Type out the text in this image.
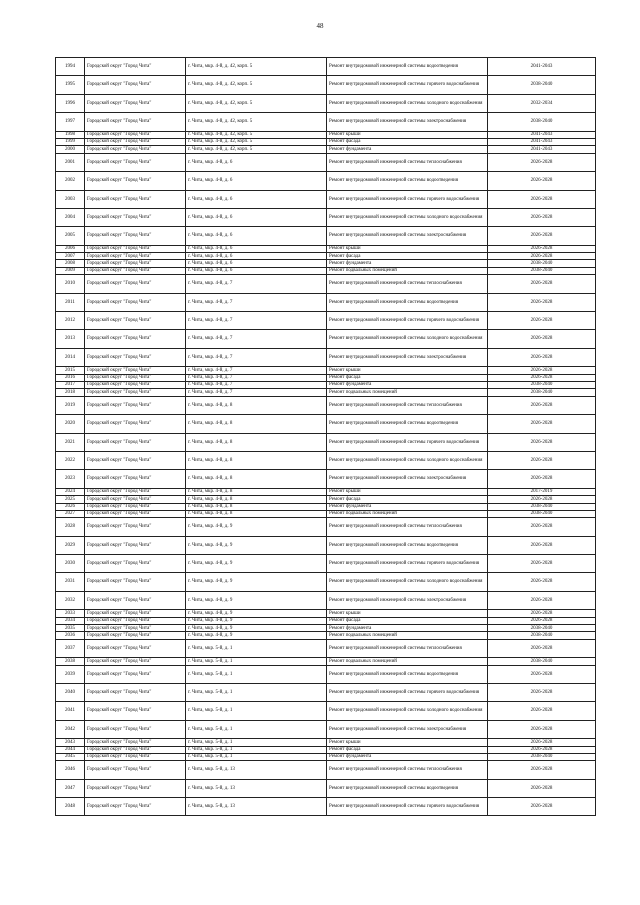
48
1994	Городской округ "Город Чита"	г. Чита, мкр. 4-й, д. 42, корп. 5	Ремонт внутридомовой инженерной системы водоотведения	2041-2043
1995	Городской округ "Город Чита"	г. Чита, мкр. 4-й, д. 42, корп. 5	Ремонт внутридомовой инженерной системы горячего водоснабжения	2038-2040
1996	Городской округ "Город Чита"	г. Чита, мкр. 4-й, д. 42, корп. 5	Ремонт внутридомовой инженерной системы холодного водоснабжения	2032-2034
1997	Городской округ "Город Чита"	г. Чита, мкр. 4-й, д. 42, корп. 5	Ремонт внутридомовой инженерной системы электроснабжения	2038-2040
1998	Городской округ "Город Чита"	г. Чита, мкр. 4-й, д. 42, корп. 5	Ремонт крыши	2041-2043
1999	Городской округ "Город Чита"	г. Чита, мкр. 4-й, д. 42, корп. 5	Ремонт фасада	2041-2043
2000	Городской округ "Город Чита"	г. Чита, мкр. 4-й, д. 42, корп. 5	Ремонт фундамента	2041-2043
2001	Городской округ "Город Чита"	г. Чита, мкр. 4-й, д. 6	Ремонт внутридомовой инженерной системы теплоснабжения	2026-2028
2002	Городской округ "Город Чита"	г. Чита, мкр. 4-й, д. 6	Ремонт внутридомовой инженерной системы водоотведения	2026-2028
2003	Городской округ "Город Чита"	г. Чита, мкр. 4-й, д. 6	Ремонт внутридомовой инженерной системы горячего водоснабжения	2026-2028
2004	Городской округ "Город Чита"	г. Чита, мкр. 4-й, д. 6	Ремонт внутридомовой инженерной системы холодного водоснабжения	2026-2028
2005	Городской округ "Город Чита"	г. Чита, мкр. 4-й, д. 6	Ремонт внутридомовой инженерной системы электроснабжения	2026-2028
2006	Городской округ "Город Чита"	г. Чита, мкр. 4-й, д. 6	Ремонт крыши	2026-2028
2007	Городской округ "Город Чита"	г. Чита, мкр. 4-й, д. 6	Ремонт фасада	2026-2028
2008	Городской округ "Город Чита"	г. Чита, мкр. 4-й, д. 6	Ремонт фундамента	2038-2040
2009	Городской округ "Город Чита"	г. Чита, мкр. 4-й, д. 6	Ремонт подвальных помещений	2038-2040
2010	Городской округ "Город Чита"	г. Чита, мкр. 4-й, д. 7	Ремонт внутридомовой инженерной системы теплоснабжения	2026-2028
2011	Городской округ "Город Чита"	г. Чита, мкр. 4-й, д. 7	Ремонт внутридомовой инженерной системы водоотведения	2026-2028
2012	Городской округ "Город Чита"	г. Чита, мкр. 4-й, д. 7	Ремонт внутридомовой инженерной системы горячего водоснабжения	2026-2028
2013	Городской округ "Город Чита"	г. Чита, мкр. 4-й, д. 7	Ремонт внутридомовой инженерной системы холодного водоснабжения	2026-2028
2014	Городской округ "Город Чита"	г. Чита, мкр. 4-й, д. 7	Ремонт внутридомовой инженерной системы электроснабжения	2026-2028
2015	Городской округ "Город Чита"	г. Чита, мкр. 4-й, д. 7	Ремонт крыши	2026-2028
2016	Городской округ "Город Чита"	г. Чита, мкр. 4-й, д. 7	Ремонт фасада	2026-2028
2017	Городской округ "Город Чита"	г. Чита, мкр. 4-й, д. 7	Ремонт фундамента	2038-2040
2018	Городской округ "Город Чита"	г. Чита, мкр. 4-й, д. 7	Ремонт подвальных помещений	2038-2040
2019	Городской округ "Город Чита"	г. Чита, мкр. 4-й, д. 8	Ремонт внутридомовой инженерной системы теплоснабжения	2026-2028
2020	Городской округ "Город Чита"	г. Чита, мкр. 4-й, д. 8	Ремонт внутридомовой инженерной системы водоотведения	2026-2028
2021	Городской округ "Город Чита"	г. Чита, мкр. 4-й, д. 8	Ремонт внутридомовой инженерной системы горячего водоснабжения	2026-2028
2022	Городской округ "Город Чита"	г. Чита, мкр. 4-й, д. 8	Ремонт внутридомовой инженерной системы холодного водоснабжения	2026-2028
2023	Городской округ "Город Чита"	г. Чита, мкр. 4-й, д. 8	Ремонт внутридомовой инженерной системы электроснабжения	2026-2028
2024	Городской округ "Город Чита"	г. Чита, мкр. 4-й, д. 8	Ремонт крыши	2017-2019
2025	Городской округ "Город Чита"	г. Чита, мкр. 4-й, д. 8	Ремонт фасада	2026-2028
2026	Городской округ "Город Чита"	г. Чита, мкр. 4-й, д. 8	Ремонт фундамента	2038-2040
2027	Городской округ "Город Чита"	г. Чита, мкр. 4-й, д. 8	Ремонт подвальных помещений	2038-2040
2028	Городской округ "Город Чита"	г. Чита, мкр. 4-й, д. 9	Ремонт внутридомовой инженерной системы теплоснабжения	2026-2028
2029	Городской округ "Город Чита"	г. Чита, мкр. 4-й, д. 9	Ремонт внутридомовой инженерной системы водоотведения	2026-2028
2030	Городской округ "Город Чита"	г. Чита, мкр. 4-й, д. 9	Ремонт внутридомовой инженерной системы горячего водоснабжения	2026-2028
2031	Городской округ "Город Чита"	г. Чита, мкр. 4-й, д. 9	Ремонт внутридомовой инженерной системы холодного водоснабжения	2026-2028
2032	Городской округ "Город Чита"	г. Чита, мкр. 4-й, д. 9	Ремонт внутридомовой инженерной системы электроснабжения	2026-2028
2033	Городской округ "Город Чита"	г. Чита, мкр. 4-й, д. 9	Ремонт крыши	2026-2028
2034	Городской округ "Город Чита"	г. Чита, мкр. 4-й, д. 9	Ремонт фасада	2026-2028
2035	Городской округ "Город Чита"	г. Чита, мкр. 4-й, д. 9	Ремонт фундамента	2038-2040
2036	Городской округ "Город Чита"	г. Чита, мкр. 4-й, д. 9	Ремонт подвальных помещений	2038-2040
2037	Городской округ "Город Чита"	г. Чита, мкр. 5-й, д. 1	Ремонт внутридомовой инженерной системы теплоснабжения	2026-2028
2038	Городской округ "Город Чита"	г. Чита, мкр. 5-й, д. 1	Ремонт подвальных помещений	2038-2040
2039	Городской округ "Город Чита"	г. Чита, мкр. 5-й, д. 1	Ремонт внутридомовой инженерной системы водоотведения	2026-2028
2040	Городской округ "Город Чита"	г. Чита, мкр. 5-й, д. 1	Ремонт внутридомовой инженерной системы горячего водоснабжения	2026-2028
2041	Городской округ "Город Чита"	г. Чита, мкр. 5-й, д. 1	Ремонт внутридомовой инженерной системы холодного водоснабжения	2026-2028
2042	Городской округ "Город Чита"	г. Чита, мкр. 5-й, д. 1	Ремонт внутридомовой инженерной системы электроснабжения	2026-2028
2043	Городской округ "Город Чита"	г. Чита, мкр. 5-й, д. 1	Ремонт крыши	2026-2028
2044	Городской округ "Город Чита"	г. Чита, мкр. 5-й, д. 1	Ремонт фасада	2026-2028
2045	Городской округ "Город Чита"	г. Чита, мкр. 5-й, д. 1	Ремонт фундамента	2038-2040
2046	Городской округ "Город Чита"	г. Чита, мкр. 5-й, д. 13	Ремонт внутридомовой инженерной системы теплоснабжения	2026-2028
2047	Городской округ "Город Чита"	г. Чита, мкр. 5-й, д. 13	Ремонт внутридомовой инженерной системы водоотведения	2026-2028
2048	Городской округ "Город Чита"	г. Чита, мкр. 5-й, д. 13	Ремонт внутридомовой инженерной системы горячего водоснабжения	2026-2028
